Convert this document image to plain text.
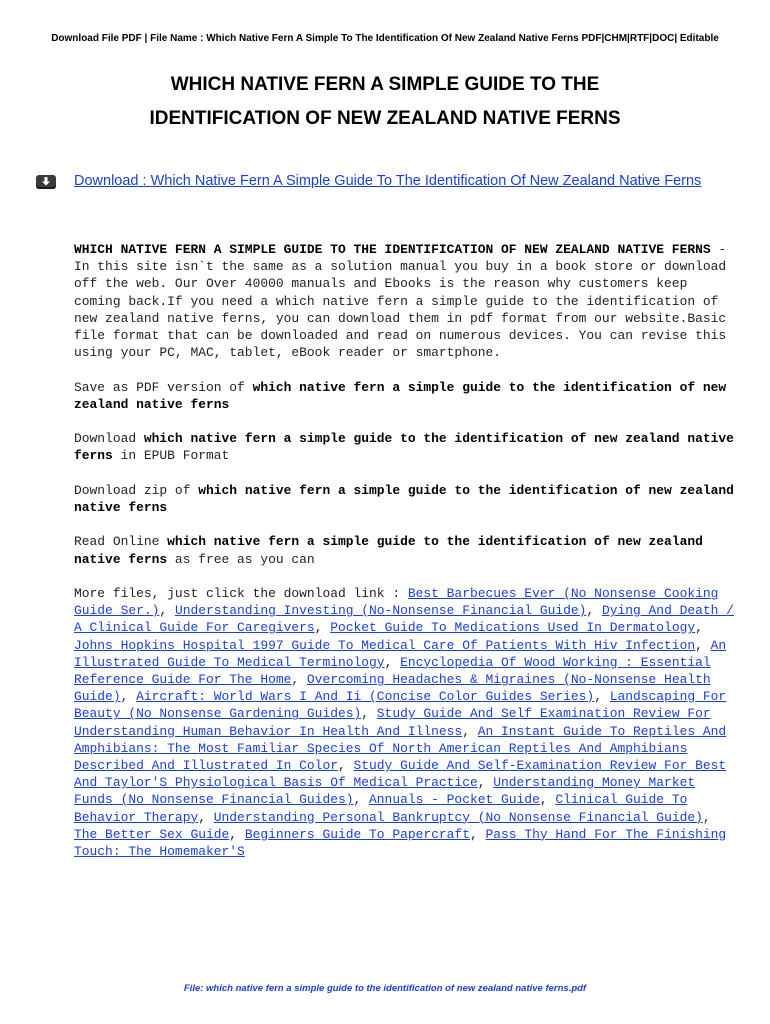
Download File PDF | File Name : Which Native Fern A Simple To The Identification Of New Zealand Native Ferns PDF|CHM|RTF|DOC| Editable
WHICH NATIVE FERN A SIMPLE GUIDE TO THE
IDENTIFICATION OF NEW ZEALAND NATIVE FERNS
Download : Which Native Fern A Simple Guide To The Identification Of New Zealand Native Ferns

WHICH NATIVE FERN A SIMPLE GUIDE TO THE IDENTIFICATION OF NEW ZEALAND NATIVE FERNS - In this site isn`t the same as a solution manual you buy in a book store or download off the web. Our Over 40000 manuals and Ebooks is the reason why customers keep coming back.If you need a which native fern a simple guide to the identification of new zealand native ferns, you can download them in pdf format from our website.Basic file format that can be downloaded and read on numerous devices. You can revise this using your PC, MAC, tablet, eBook reader or smartphone.

Save as PDF version of which native fern a simple guide to the identification of new zealand native ferns

Download which native fern a simple guide to the identification of new zealand native ferns in EPUB Format

Download zip of which native fern a simple guide to the identification of new zealand native ferns

Read Online which native fern a simple guide to the identification of new zealand native ferns as free as you can

More files, just click the download link : Best Barbecues Ever (No Nonsense Cooking Guide Ser.), Understanding Investing (No-Nonsense Financial Guide), Dying And Death / A Clinical Guide For Caregivers, Pocket Guide To Medications Used In Dermatology, Johns Hopkins Hospital 1997 Guide To Medical Care Of Patients With Hiv Infection, An Illustrated Guide To Medical Terminology, Encyclopedia Of Wood Working : Essential Reference Guide For The Home, Overcoming Headaches & Migraines (No-Nonsense Health Guide), Aircraft: World Wars I And Ii (Concise Color Guides Series), Landscaping For Beauty (No Nonsense Gardening Guides), Study Guide And Self Examination Review For Understanding Human Behavior In Health And Illness, An Instant Guide To Reptiles And Amphibians: The Most Familiar Species Of North American Reptiles And Amphibians Described And Illustrated In Color, Study Guide And Self-Examination Review For Best And Taylor'S Physiological Basis Of Medical Practice, Understanding Money Market Funds (No Nonsense Financial Guides), Annuals - Pocket Guide, Clinical Guide To Behavior Therapy, Understanding Personal Bankruptcy (No Nonsense Financial Guide), The Better Sex Guide, Beginners Guide To Papercraft, Pass Thy Hand For The Finishing Touch: The Homemaker'S

File: which native fern a simple guide to the identification of new zealand native ferns.pdf
